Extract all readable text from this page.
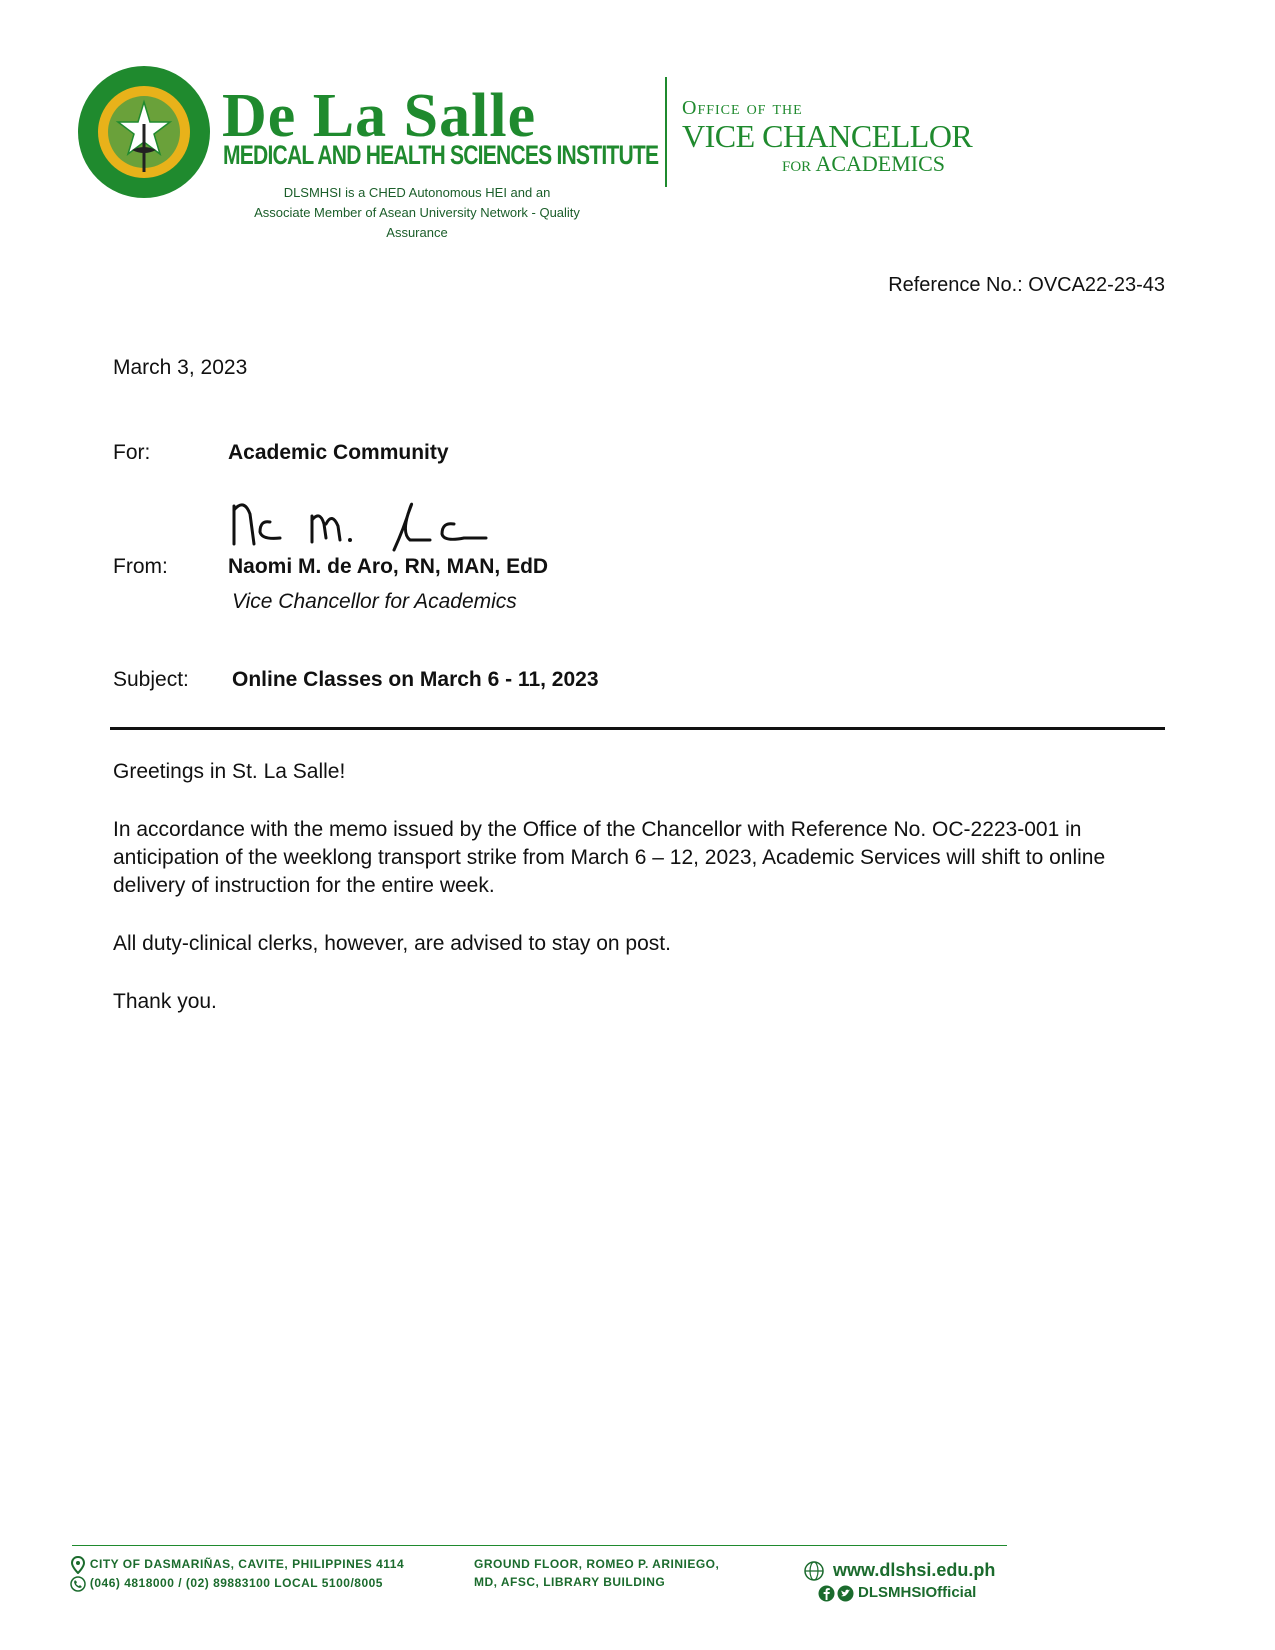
De La Salle
MEDICAL AND HEALTH SCIENCES INSTITUTE
DLSMHSI is a CHED Autonomous HEI and an
Associate Member of Asean University Network - Quality Assurance
Office of the
VICE CHANCELLOR
for ACADEMICS
Reference No.: OVCA22-23-43
March 3, 2023
For:	Academic Community
From:	Naomi M. de Aro, RN, MAN, EdD
Vice Chancellor for Academics
Subject: Online Classes on March 6 - 11, 2023
Greetings in St. La Salle!
In accordance with the memo issued by the Office of the Chancellor with Reference No. OC-2223-001 in anticipation of the weeklong transport strike from March 6 – 12, 2023, Academic Services will shift to online delivery of instruction for the entire week.
All duty-clinical clerks, however, are advised to stay on post.
Thank you.
CITY OF DASMARIÑAS, CAVITE, PHILIPPINES 4114
(046) 4818000 / (02) 89883100 LOCAL 5100/8005
GROUND FLOOR, ROMEO P. ARINIEGO,
MD, AFSC, LIBRARY BUILDING
www.dlshsi.edu.ph
DLSMHSIOfficial
